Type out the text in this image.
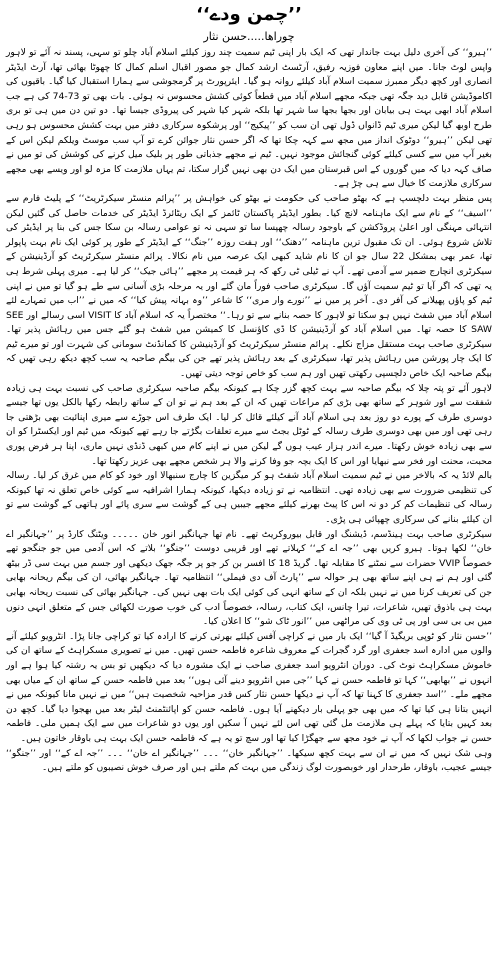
’’چمن ودے‘‘
چوراھا.....حسن نثار

’’ہیرو‘‘ کی آخری دلیل بہت جاندار تھی کہ ایک بار اپنی ٹیم سمیت چند روز کیلئے اسلام آباد چلو تو سہی، پسند نہ آئے تو لاہور واپس لوٹ جانا۔ میں اپنے معاون فوزیہ رفیق، آرٹسٹ ارشد کمال جو مصور اقبال اسلم کمال کا چھوٹا بھائی تھا، آرٹ ایڈیٹر انصاری اور کچھ دیگر ممبرز سمیت اسلام آباد کیلئے روانہ ہو گیا۔ ایئرپورٹ پر گرمجوشی سے ہمارا استقبال کیا گیا۔ باقیوں کی اکاموڈیشن قابل دید جگہ تھی جبکہ مجھے اسلام آباد میں قطعاً کوئی کشش محسوس نہ ہوئی۔ بات بھی تو 73-74 کی ہے جب اسلام آباد ابھی بہت ہی بیابان اور بجھا بجھا سا شہر تھا بلکہ شہر کیا شہر کی پیروڈی جیسا تھا۔ دو تین دن میں ہی تو بری طرح اوبھ گیا لیکن میری ٹیم ڈانواں ڈول تھی ان سب کو ’’پیکیج‘‘ اور پرشکوہ سرکاری دفتر میں بہت کشش محسوس ہو رہی تھی لیکن ’’ہیرو‘‘ دوٹوک انداز میں مجھ سے کہہ چکا تھا کہ اگر حسن نثار جوائن کرے تو آپ سب موسٹ ویلکم لیکن اس کے بغیر آپ میں سے کسی کیلئے کوئی گنجائش موجود نہیں۔ ٹیم نے مجھے جذباتی طور پر بلیک میل کرنے کی کوشش کی تو میں نے صاف کہہ دیا کہ میں گوروں کے اس قبرستان میں ایک دن بھی نہیں گزار سکتا، تم یہاں ملازمت کا مزہ لو اور ویسے بھی مجھے سرکاری ملازمت کا خیال سے ہی چڑ ہے۔

پس منظر بہت دلچسپ ہے کہ بھٹو صاحب کی حکومت نے بھٹو کی خواہش پر ’’پرائم منسٹر سیکرٹریٹ‘‘ کے پلیٹ فارم سے ’’اسیف‘‘ کے نام سے ایک ماہنامہ لانچ کیا۔ بطور ایڈیٹر پاکستان ٹائمز کے ایک ریٹائرڈ ایڈیٹر کی خدمات حاصل کی گئیں لیکن انتہائی مہنگی اور اعلیٰ پروڈکشن کے باوجود رسالہ چھپسا سا تو سہی نہ تو عوامی رسالہ بن سکا جس کی بنا پر ایڈیٹر کی تلاش شروع ہوئی۔ ان تک مقبول ترین ماہنامہ ’’دھنک‘‘ اور ہفت روزہ ’’جنگ‘‘ کے ایڈیٹر کے طور پر کوئی ایک نام بہت پاپولر تھا، عمر بھی بمشکل 22 سال جو ان کا نام شاید کبھی ایک عرصہ میں نام نکالا۔ پرائم منسٹر سیکرٹریٹ کو آرڈینیشن کے سیکرٹری انچارج ضمیر سے آدمی تھے۔ آپ نے ٹیلی ٹی رکھ کہ ہر قیمت پر مجھے ’’ہائی جیک‘‘ کر لیا ہے۔ میری پہلی شرط ہی یہ تھی کہ اگر آیا تو ٹیم سمیت آؤں گا۔ سیکرٹری صاحب فوراً مان گئے اور یہ مرحلہ بڑی آسانی سے طے ہو گیا تو میں نے اپنی ٹیم کو پاؤں پھیلانے کی آفر دی۔ آخر پر میں نے ’’نورے وار مری‘‘ کا شاعر ’’وہ بہانہ پیش کیا‘‘ کہ میں نے ’’اب میں تمہارے لئے اسلام آباد میں شفٹ نہیں ہو سکتا تو لاہور کا حصہ بنانے سے تو رہا۔‘‘ مختصراً یہ کہ اسلام آباد کا VISIT اسی رسالے اور SEE SAW کا حصہ تھا۔ میں اسلام آباد کو آرڈینیشن کا ڈی کاؤنسل کا کمیشن میں شفٹ ہو گئے جس میں رہائش پذیر تھا۔ سیکرٹری صاحب بہت مستقل مزاج نکلے۔ پرائم منسٹر سیکرٹریٹ کو آرڈینیشن کا کمانڈنٹ سومانی کی شہرت اور تو میرے ٹیم کا ایک چار پورشن میں رہائش پذیر تھا، سیکرٹری کے بعد رہائش پذیر تھے جن کی بیگم صاحبہ یہ سب کچھ دیکھ رہی تھیں کہ بیگم صاحبہ ایک خاص دلچسپی رکھتی تھیں اور ہم سب کو خاص توجہ دیتی تھیں۔

لاہور آئے تو پتہ چلا کہ بیگم صاحبہ سے بہت کچھ گزر چکا ہے کیونکہ بیگم صاحبہ سیکرٹری صاحب کی نسبت بہت ہی زیادہ شفقت سے اور شوہر کے ساتھ بھی بڑی کم مراعات تھیں کہ ان کے بعد ہم نے تو ان کے ساتھ رابطہ رکھا بالکل یوں تھا جیسے دوسری طرف کے پورے دو روز بعد ہی اسلام آباد آنے کیلئے قائل کر لیا۔ ایک طرف اس جوڑے سے میری اپنائیت بھی بڑھتی جا رہی تھی اور میں بھی دوسری طرف رسالہ کے ٹوٹل بجٹ سے میرے تعلقات بگڑتے جا رہے تھے کیونکہ میں ٹیم اور ایکسٹرا کو ان سے بھی زیادہ خوش رکھتا۔ میرے اندر ہزار عیب ہوں گے لیکن میں نے اپنے کام میں کبھی ڈنڈی نہیں ماری، اپنا ہر فرض پوری محبت، محنت اور فخر سے نبھایا اور اس کا ایک بچہ جو وفا کرنے والا ہر شخص مجھے بھی عزیز رکھتا تھا۔

بالم لائڈ یہ کہ بالاخر میں نے ٹیم سمیت اسلام آباد شفٹ ہو کر میگزین کا چارج سنبھالا اور خود کو کام میں غرق کر لیا۔ رسالہ کی تنظیمی ضرورت سے بھی زیادہ تھی۔ انتظامیہ نے تو زیادہ دیکھا، کیونکہ ہمارا اشرافیہ سے کوئی خاص تعلق نہ تھا کیونکہ رسالہ کی تنظیمات کم کر دو نہ اس کا پیٹ بھرنے کیلئے مجھے جیبیں ہی کے گوشت سے سری پائے اور ہاتھی کے گوشت سے تو ان کیلئے بنانے کی سرکاری چھپائی ہی پڑی۔

سیکرٹری صاحب بہت ہینڈسم، ڈیشنگ اور قابل بیوروکریٹ تھے۔ نام تھا جہانگیر انور خان ۔۔۔۔۔ ویٹنگ کارڈ پر ’’جہانگیر اے خان‘‘ لکھا ہوتا۔ ہیرو کریں بھی ’’جہ اے کے‘‘ کہلاتے تھے اور قریبی دوست ’’جنگو‘‘ بلاتے کہ اس آدمی میں جو جنگجو تھے خصوصاً VVIP حضرات سے نمٹنے کا مقابلہ تھا۔ گریڈ 18 کا افسر بن کر جو پر جگہ جھک دیکھی اور جسم میں بہت سی ڈر بیٹھ گئی اور ہم نے ہی اپنے ساتھ بھی ہر حوالہ سے ’’پارٹ آف دی فیملی‘‘ انتظامیہ تھا۔ جہانگیر بھائی، ان کی بیگم ریحانہ بھابی جن کی تعریف کرنا میں نے نہیں بلکہ ان کے ساتھ انہی کی کوئی ایک بات بھی نہیں کی۔ جہانگیر بھائی کی نسبت ریحانہ بھابی بہت ہی باذوق تھیں، شاعرات، تیرا چانس، ایک کتاب، رسالہ، خصوصاً ادب کی خوب صورت لکھائی جس کے متعلق انہی دنوں میں بی بی سی اور پی ٹی وی کی مراٹھی میں ’’انور ٹاک شو‘‘ کا اعلان کیا۔

’’حسن نثار کو ٹوپی بریگیڈ آ گیا‘‘ ایک بار میں نے کراچی آفس کیلئے بھرتی کرنے کا ارادہ کیا تو کراچی جانا پڑا۔ انٹرویو کیلئے آنے والوں میں ادارہ اسد جعفری اور گرد گجرات کے معروف شاعرہ فاطمہ حسن تھیں۔ میں نے تصویری مسکراہٹ کے ساتھ ان کی خاموش مسکراہٹ نوٹ کی۔ دوران انٹرویو اسد جعفری صاحب نے ایک مشورہ دیا کہ دیکھیں تو بس یہ رشتہ کیا ہوا ہے اور انہوں نے ’’بھابھی‘‘ کہا تو فاطمہ حسن نے کہا ’’جی میں انٹرویو دینے آئی ہوں‘‘ بعد میں فاطمہ حسن کے ساتھ ان کے میاں بھی مجھے ملے۔ ’’اسد جعفری کا کہنا تھا کہ آپ نے دیکھا حسن نثار کس قدر مزاحیہ شخصیت ہیں‘‘ میں نے نہیں مانا کیونکہ میں نے انہیں بتانا ہی کیا تھا کہ میں بھی جو پہلی بار دیکھنے آیا ہوں۔ فاطمہ حسن کو اپائنٹمنٹ لیٹر بعد میں بھجوا دیا گیا۔ کچھ دن بعد کہیں بتایا کہ پہلے ہی ملازمت مل گئی تھی اس لئے نہیں آ سکیں اور یوں دو شاعرات میں سے ایک ہمیں ملی۔ فاطمہ حسن نے جواب لکھا کہ آپ نے خود مجھ سے جھگڑا کیا تھا اور سچ تو یہ ہے کہ فاطمہ حسن ایک بہت ہی باوقار خاتون ہیں۔

وہی شک نہیں کہ میں نے ان سے بہت کچھ سیکھا۔ ’’جہانگیر خان‘‘ ۔۔۔ ’’جہانگیر اے خان‘‘ ۔۔۔ ’’جہ اے کے‘‘ اور ’’جنگو‘‘ جیسے عجیب، باوقار، طرحدار اور خوبصورت لوگ زندگی میں بہت کم ملتے ہیں اور صرف خوش نصیبوں کو ملتے ہیں۔
